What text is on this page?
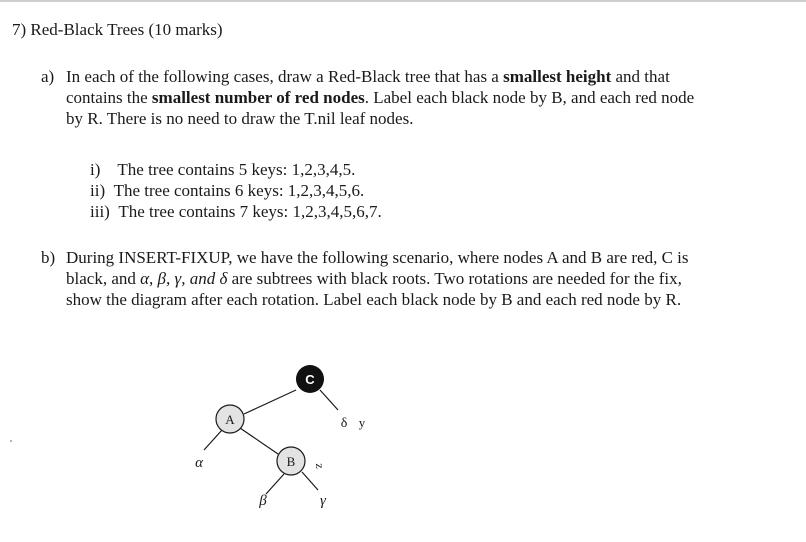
7) Red-Black Trees (10 marks)
a) In each of the following cases, draw a Red-Black tree that has a smallest height and that
contains the smallest number of red nodes. Label each black node by B, and each red node
by R. There is no need to draw the T.nil leaf nodes.
i) The tree contains 5 keys: 1,2,3,4,5.
ii) The tree contains 6 keys: 1,2,3,4,5,6.
iii) The tree contains 7 keys: 1,2,3,4,5,6,7.
b) During INSERT-FIXUP, we have the following scenario, where nodes A and B are red, C is
black, and α, β, γ, and δ are subtrees with black roots. Two rotations are needed for the fix,
show the diagram after each rotation. Label each black node by B and each red node by R.
C
A
B
α
β	γ
δ y
z
